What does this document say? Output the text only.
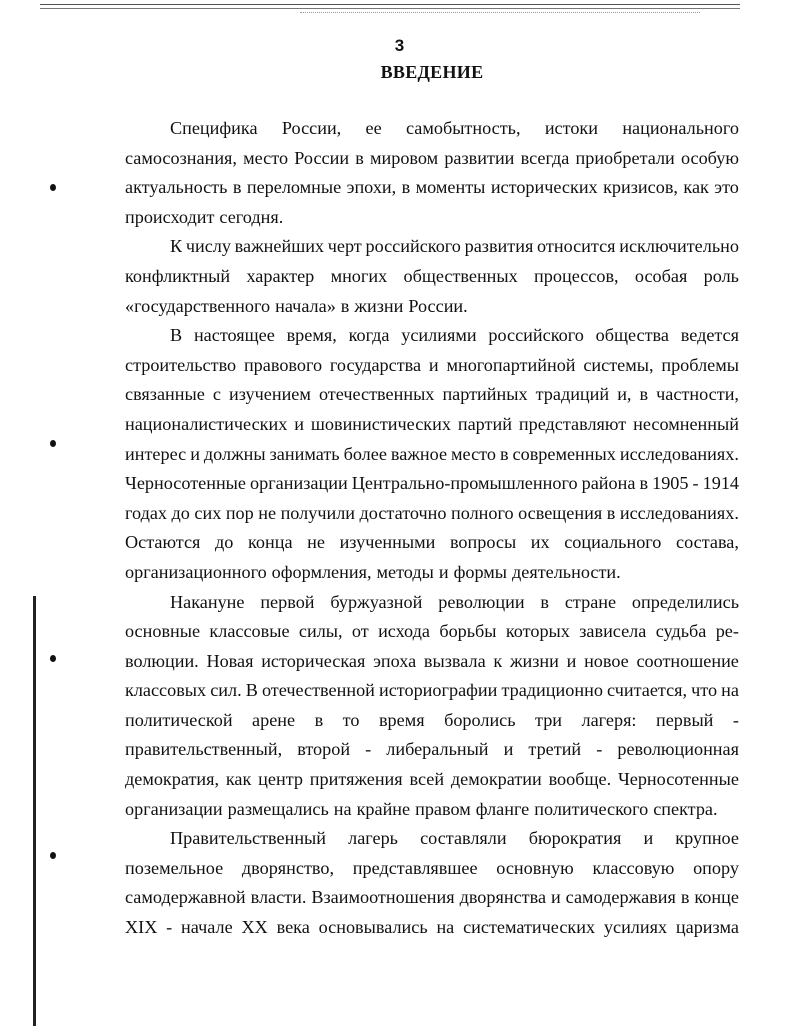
3
ВВЕДЕНИЕ
Специфика России, ее самобытность, истоки национального
самосознания, место России в мировом развитии всегда приобретали особую
актуальность в переломные эпохи, в моменты исторических кризисов, как это
происходит сегодня.
К числу важнейших черт российского развития относится исключительно
конфликтный характер многих общественных процессов, особая роль
«государственного начала» в жизни России.
В настоящее время, когда усилиями российского общества ведется
строительство правового государства и многопартийной системы, проблемы
связанные с изучением отечественных партийных традиций и, в частности,
националистических и шовинистических партий представляют несомненный
интерес и должны занимать более важное место в современных исследованиях.
Черносотенные организации Центрально-промышленного района в 1905 - 1914
годах до сих пор не получили достаточно полного освещения в исследованиях.
Остаются до конца не изученными вопросы их социального состава,
организационного оформления, методы и формы деятельности.
Накануне первой буржуазной революции в стране определились
основные классовые силы, от исхода борьбы которых зависела судьба ре-
волюции. Новая историческая эпоха вызвала к жизни и новое соотношение
классовых сил. В отечественной историографии традиционно считается, что на
политической арене в то время боролись три лагеря: первый -
правительственный, второй - либеральный и третий - революционная
демократия, как центр притяжения всей демократии вообще. Черносотенные
организации размещались на крайне правом фланге политического спектра.
Правительственный лагерь составляли бюрократия и крупное
поземельное дворянство, представлявшее основную классовую опору
самодержавной власти. Взаимоотношения дворянства и самодержавия в конце
XIX - начале XX века основывались на систематических усилиях царизма
